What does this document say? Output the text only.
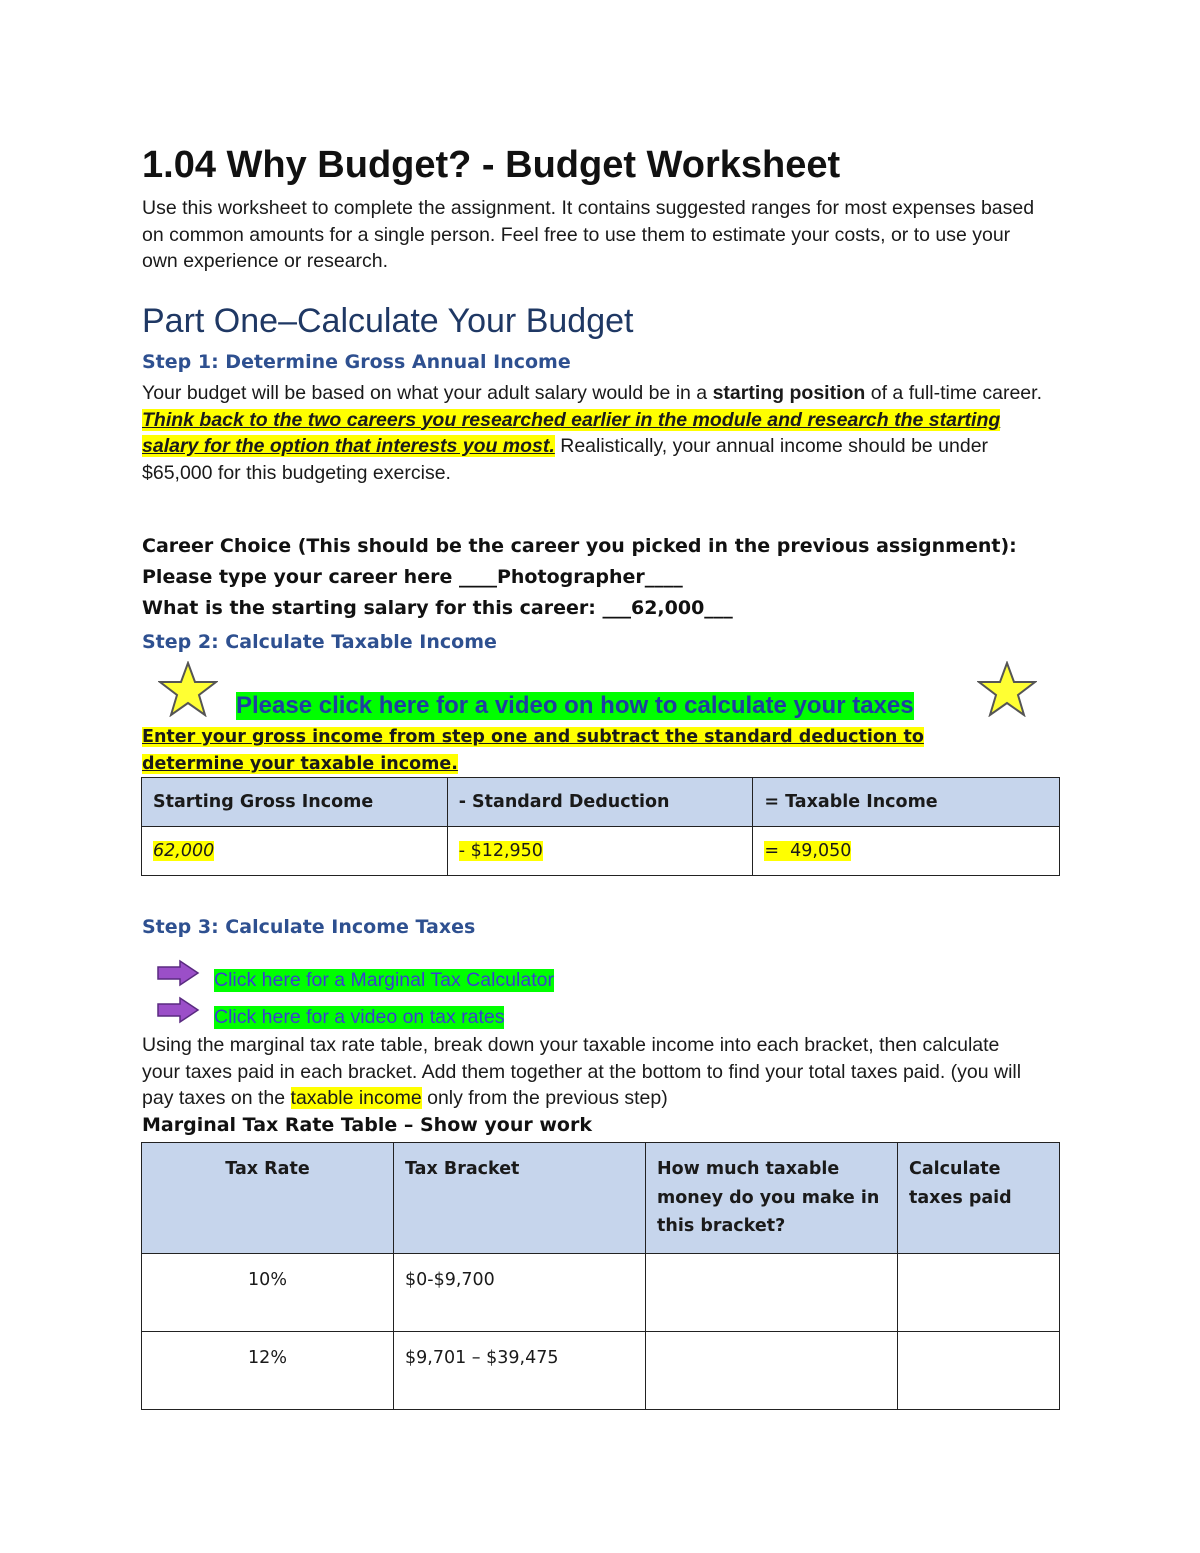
1.04 Why Budget? - Budget Worksheet
Use this worksheet to complete the assignment. It contains suggested ranges for most expenses based on common amounts for a single person. Feel free to use them to estimate your costs, or to use your own experience or research.
Part One–Calculate Your Budget
Step 1: Determine Gross Annual Income
Your budget will be based on what your adult salary would be in a starting position of a full-time career. Think back to the two careers you researched earlier in the module and research the starting salary for the option that interests you most. Realistically, your annual income should be under $65,000 for this budgeting exercise.
Career Choice (This should be the career you picked in the previous assignment):
Please type your career here ____Photographer____
What is the starting salary for this career: ___62,000___
Step 2: Calculate Taxable Income
Please click here for a video on how to calculate your taxes
Enter your gross income from step one and subtract the standard deduction to determine your taxable income.
Starting Gross Income	- Standard Deduction	= Taxable Income
62,000	- $12,950	=  49,050
Step 3: Calculate Income Taxes
Click here for a Marginal Tax Calculator
Click here for a video on tax rates
Using the marginal tax rate table, break down your taxable income into each bracket, then calculate your taxes paid in each bracket. Add them together at the bottom to find your total taxes paid. (you will pay taxes on the taxable income only from the previous step)
Marginal Tax Rate Table – Show your work
Tax Rate	Tax Bracket	How much taxable money do you make in this bracket?	Calculate taxes paid
10%	$0-$9,700		
12%	$9,701 – $39,475		
